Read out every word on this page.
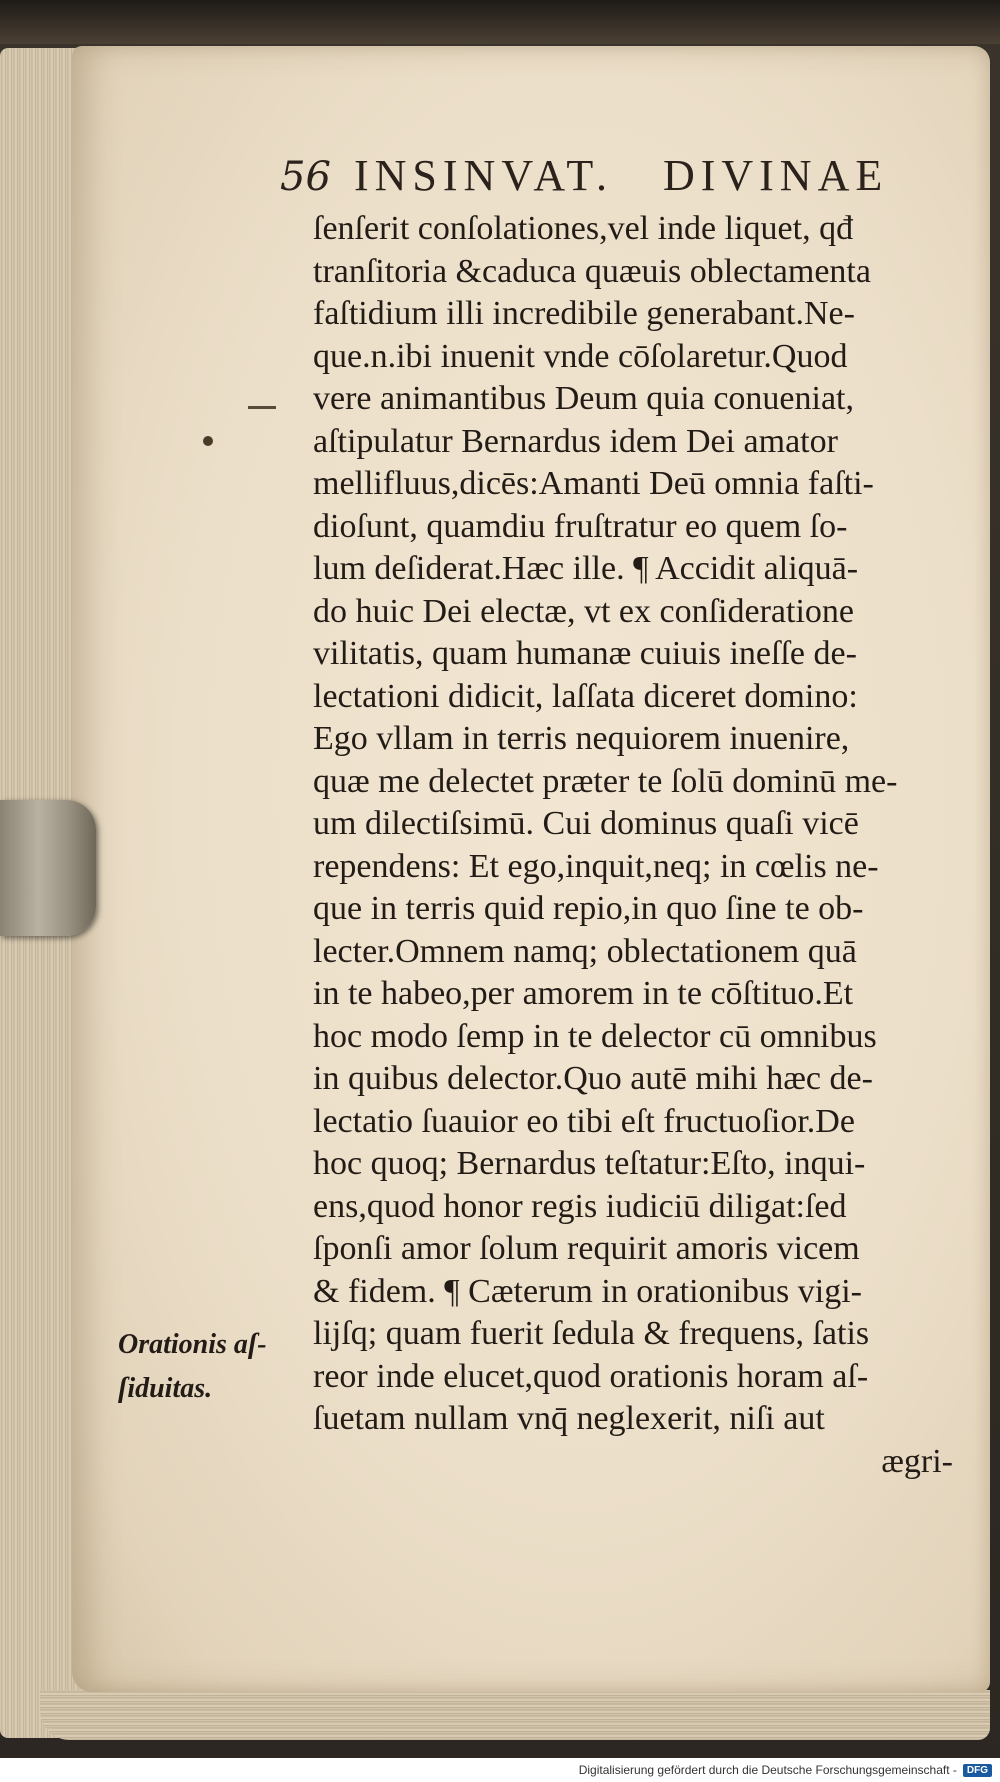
56 INSINVAT. DIVINAE
ſenſerit conſolationes,vel inde liquet, qđ
tranſitoria &caduca quæuis oblectamenta
faſtidium illi incredibile generabant.Ne-
que.n.ibi inuenit vnde cōſolaretur.Quod
vere animantibus Deum quia conueniat,
aſtipulatur Bernardus idem Dei amator
mellifluus,dicēs:Amanti Deū omnia faſti-
dioſunt, quamdiu fruſtratur eo quem ſo-
lum deſiderat.Hæc ille. ¶ Accidit aliquā-
do huic Dei electæ, vt ex conſideratione
vilitatis, quam humanæ cuiuis ineſſe de-
lectationi didicit, laſſata diceret domino:
Ego vllam in terris nequiorem inuenire,
quæ me delectet præter te ſolū dominū me-
um dilectiſsimū. Cui dominus quaſi vicē
rependens: Et ego,inquit,neq; in cœlis ne-
que in terris quid repio,in quo ſine te ob-
lecter.Omnem namq; oblectationem quā
in te habeo,per amorem in te cōſtituo.Et
hoc modo ſemp in te delector cū omnibus
in quibus delector.Quo autē mihi hæc de-
lectatio ſuauior eo tibi eſt fructuoſior.De
hoc quoq; Bernardus teſtatur:Eſto, inqui-
ens,quod honor regis iudiciū diligat:ſed
ſponſi amor ſolum requirit amoris vicem
& fidem. ¶ Cæterum in orationibus vigi-
lijſq; quam fuerit ſedula & frequens, ſatis
reor inde elucet,quod orationis horam aſ-
ſuetam nullam vnq̄ neglexerit, niſi aut
ægri-
Orationis aſ-
ſiduitas.
Digitalisierung gefördert durch die Deutsche Forschungsgemeinschaft -	DFG
